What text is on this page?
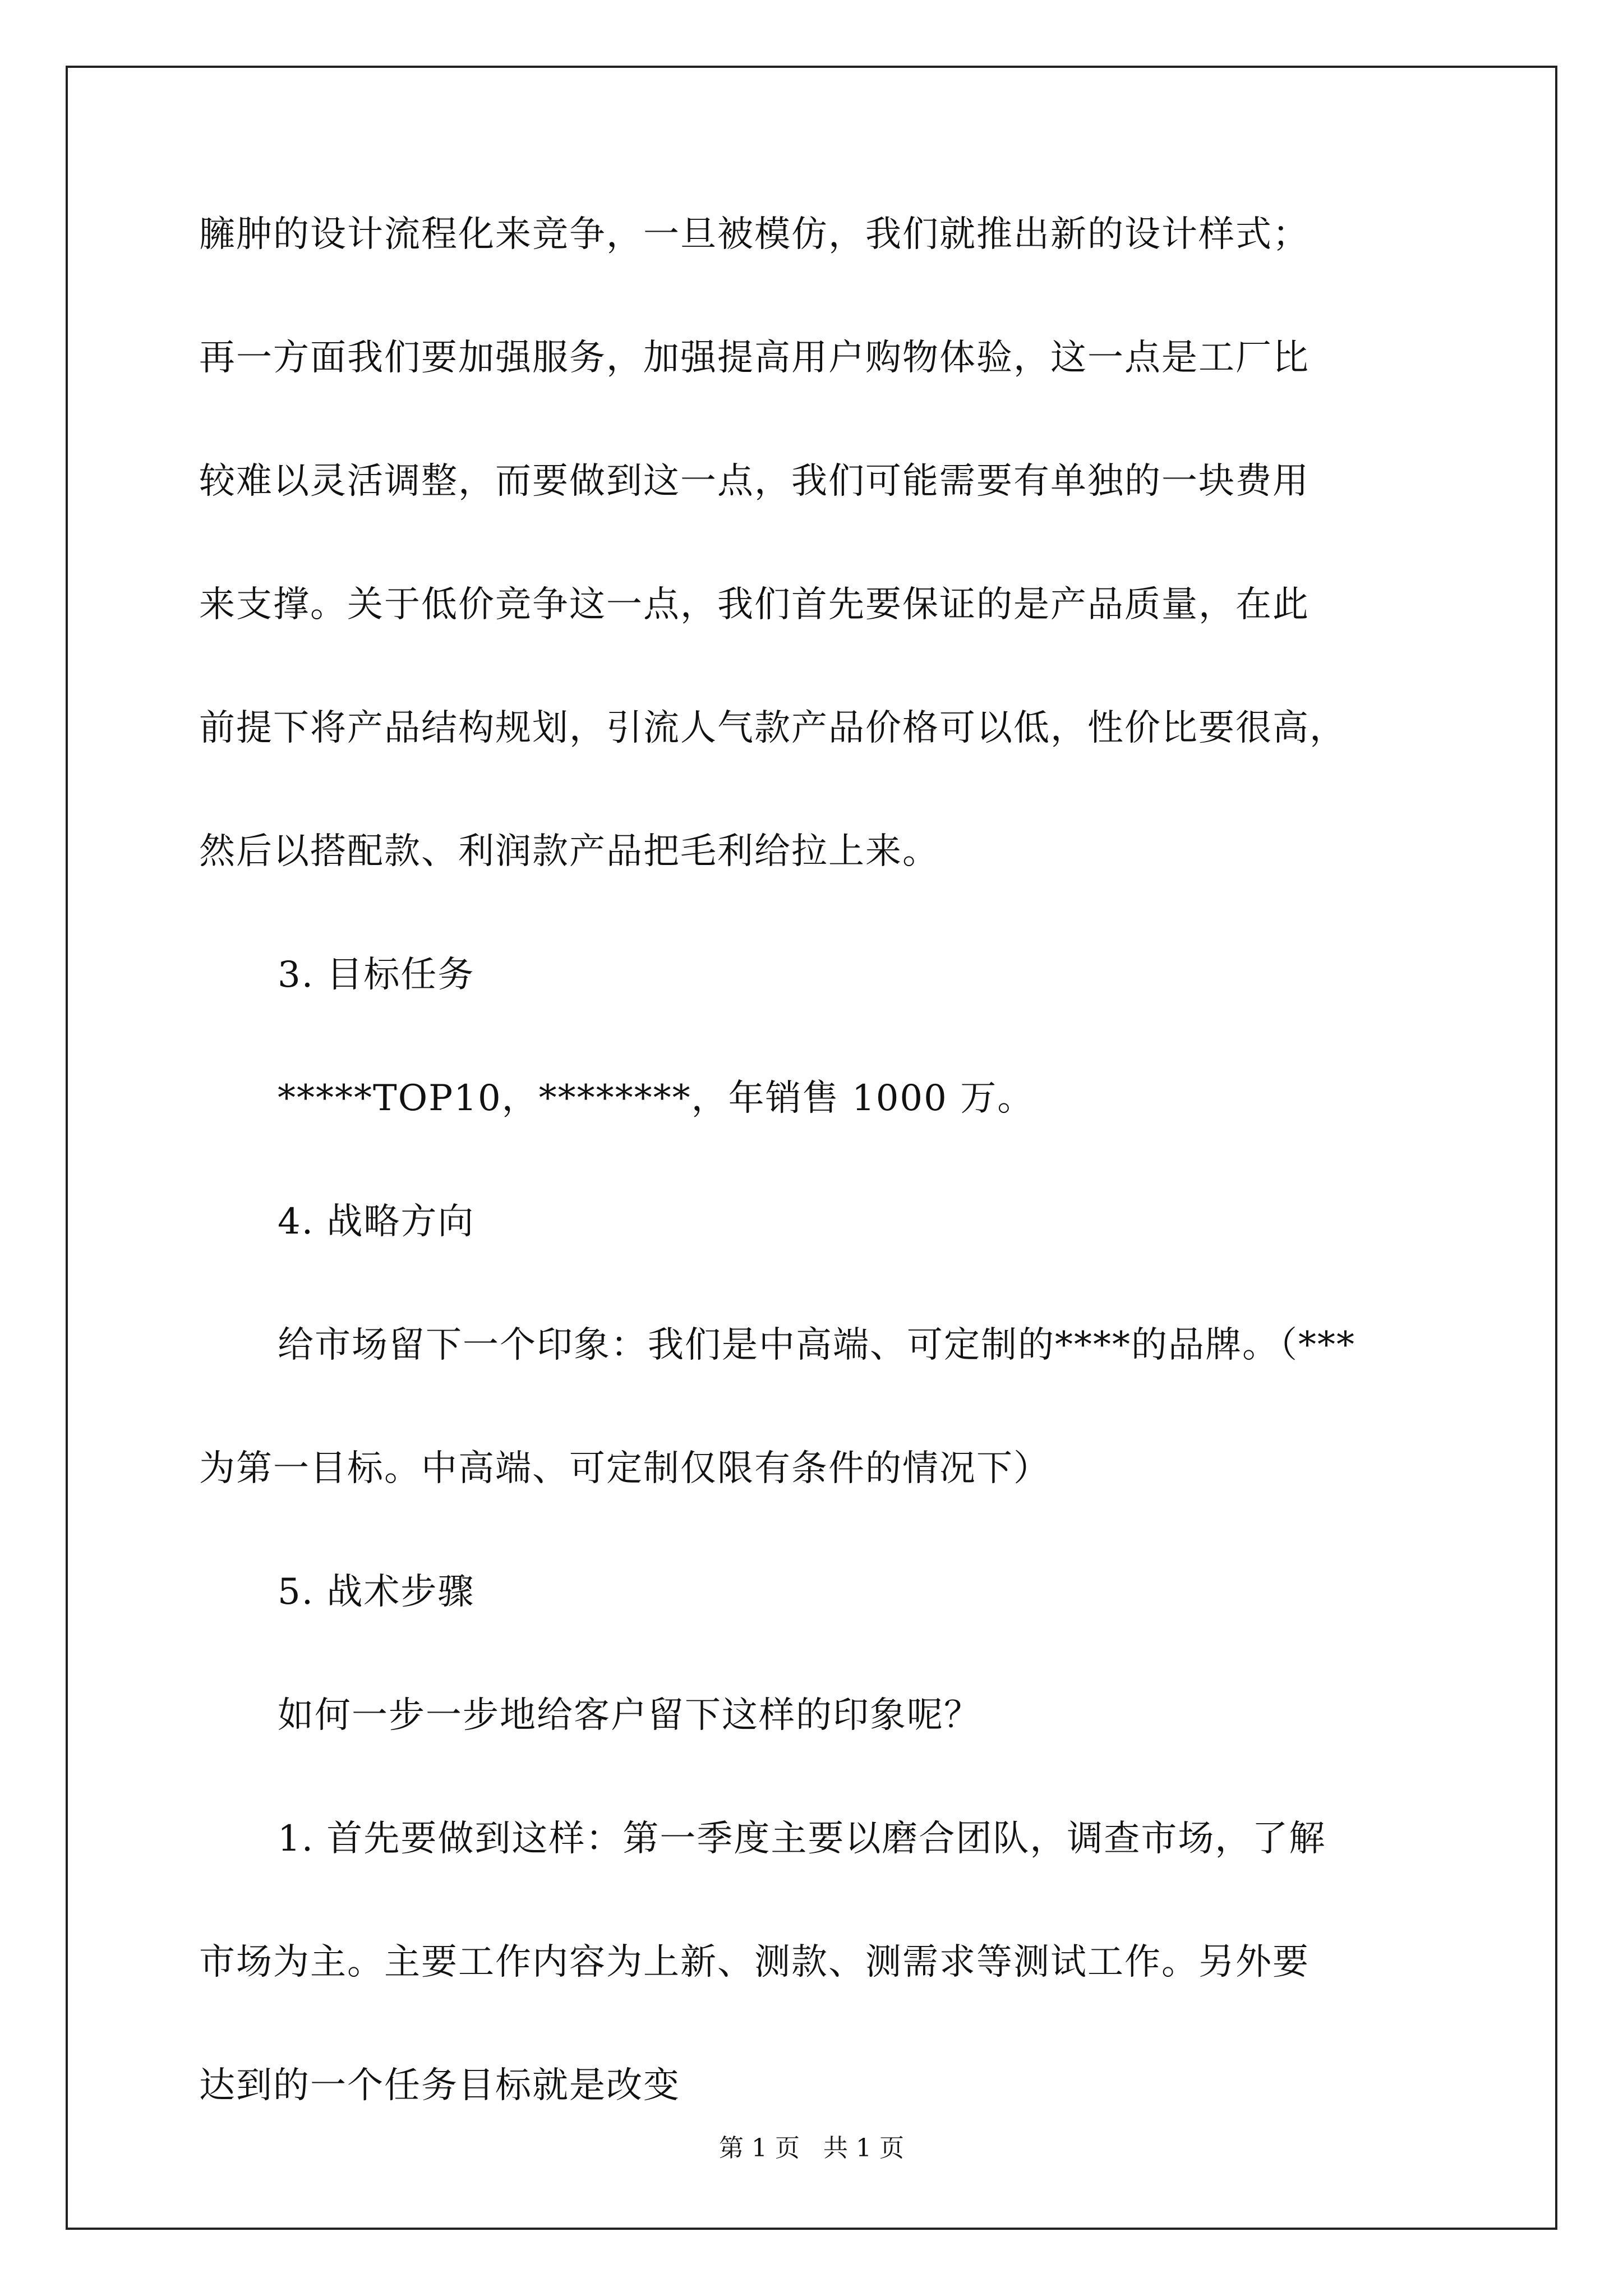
臃肿的设计流程化来竞争，一旦被模仿，我们就推出新的设计样式；
再一方面我们要加强服务，加强提高用户购物体验，这一点是工厂比
较难以灵活调整，而要做到这一点，我们可能需要有单独的一块费用
来支撑。关于低价竞争这一点，我们首先要保证的是产品质量，在此
前提下将产品结构规划，引流人气款产品价格可以低，性价比要很高，
然后以搭配款、利润款产品把毛利给拉上来。
3. 目标任务
*****TOP10，********，年销售 1000 万。
4. 战略方向
给市场留下一个印象：我们是中高端、可定制的****的品牌。（***
为第一目标。中高端、可定制仅限有条件的情况下）
5. 战术步骤
如何一步一步地给客户留下这样的印象呢？
1. 首先要做到这样：第一季度主要以磨合团队，调查市场，了解
市场为主。主要工作内容为上新、测款、测需求等测试工作。另外要
达到的一个任务目标就是改变
第 1 页   共 1 页
